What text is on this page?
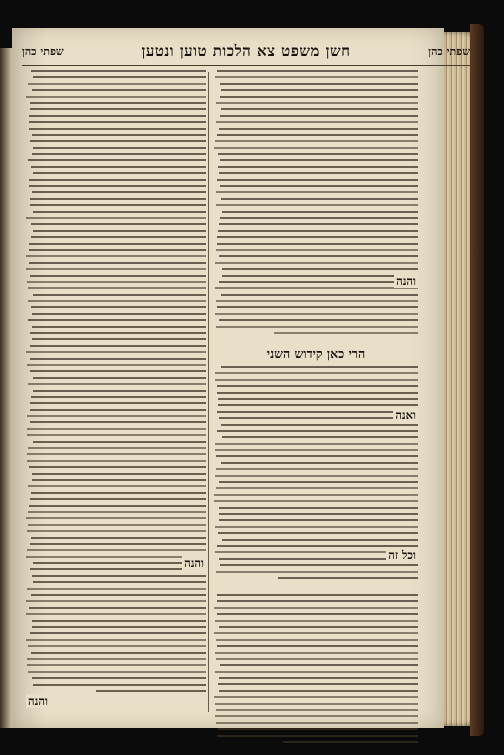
שפתי כהן
חשן משפט צא הלכות טוען ונטען
שפתי כהן
והנה
הרי כאן קידוש השני
ואנה
וכל זה
והנה
והנה
